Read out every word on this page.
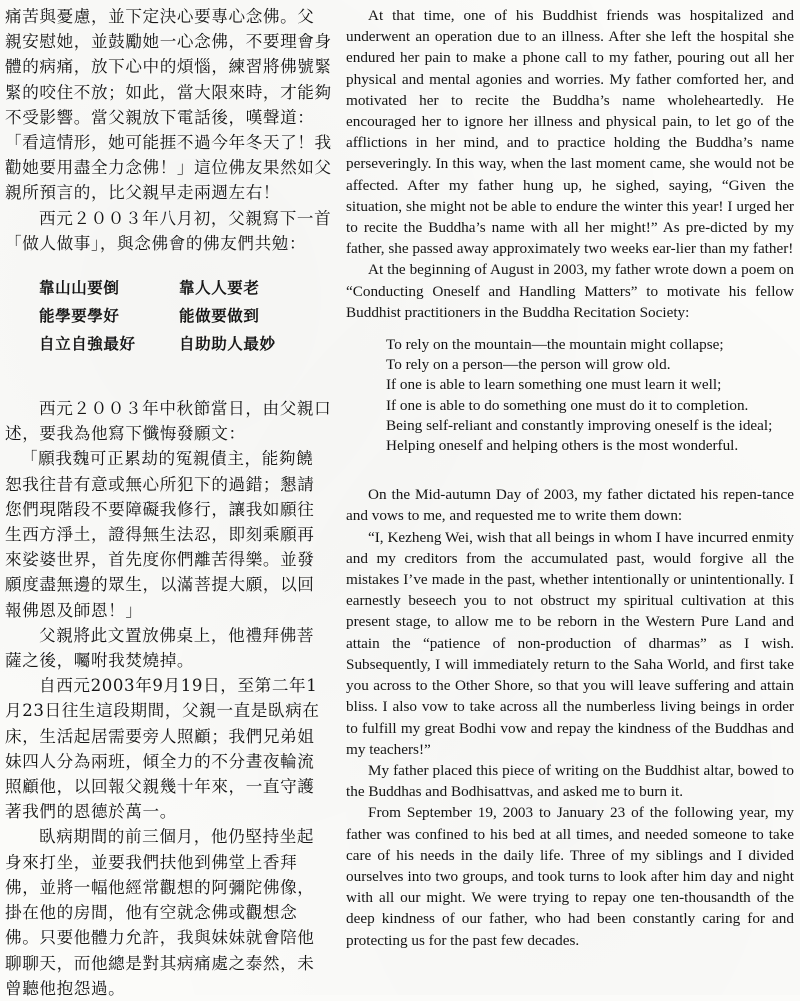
痛苦與憂慮，並下定決心要專心念佛。父
親安慰她，並鼓勵她一心念佛，不要理會身
體的病痛，放下心中的煩惱，練習將佛號緊
緊的咬住不放；如此，當大限來時，才能夠
不受影響。當父親放下電話後，嘆聲道：
「看這情形，她可能捱不過今年冬天了！我
勸她要用盡全力念佛！」這位佛友果然如父
親所預言的，比父親早走兩週左右！
西元２００３年八月初，父親寫下一首
「做人做事」，與念佛會的佛友們共勉：
靠山山要倒	靠人人要老
能學要學好	能做要做到
自立自強最好	自助助人最妙
西元２００３年中秋節當日，由父親口
述，要我為他寫下懺悔發願文：
「願我魏可正累劫的冤親債主，能夠饒
恕我往昔有意或無心所犯下的過錯；懇請
您們現階段不要障礙我修行，讓我如願往
生西方淨土，證得無生法忍，即刻乘願再
來娑婆世界，首先度你們離苦得樂。並發
願度盡無邊的眾生，以滿菩提大願，以回
報佛恩及師恩！」
父親將此文置放佛桌上，他禮拜佛菩
薩之後，囑咐我焚燒掉。
自西元2003年9月19日，至第二年1
月23日往生這段期間，父親一直是臥病在
床，生活起居需要旁人照顧；我們兄弟姐
妹四人分為兩班，傾全力的不分晝夜輪流
照顧他，以回報父親幾十年來，一直守護
著我們的恩德於萬一。
臥病期間的前三個月，他仍堅持坐起
身來打坐，並要我們扶他到佛堂上香拜
佛，並將一幅他經常觀想的阿彌陀佛像，
掛在他的房間，他有空就念佛或觀想念
佛。只要他體力允許，我與妹妹就會陪他
聊聊天，而他總是對其病痛處之泰然，未
曾聽他抱怨過。

At that time, one of his Buddhist friends was hospitalized and underwent an operation due to an illness. After she left the hospital she endured her pain to make a phone call to my father, pouring out all her physical and mental agonies and worries. My father comforted her, and motivated her to recite the Buddha’s name wholeheartedly. He encouraged her to ignore her illness and physical pain, to let go of the afflictions in her mind, and to practice holding the Buddha’s name perseveringly. In this way, when the last moment came, she would not be affected. After my father hung up, he sighed, saying, “Given the situation, she might not be able to endure the winter this year! I urged her to recite the Buddha’s name with all her might!” As pre-dicted by my father, she passed away approximately two weeks ear-lier than my father!

At the beginning of August in 2003, my father wrote down a poem on “Conducting Oneself and Handling Matters” to motivate his fellow Buddhist practitioners in the Buddha Recitation Society:

To rely on the mountain—the mountain might collapse;
To rely on a person—the person will grow old.
If one is able to learn something one must learn it well;
If one is able to do something one must do it to completion.
Being self-reliant and constantly improving oneself is the ideal;
Helping oneself and helping others is the most wonderful.

On the Mid-autumn Day of 2003, my father dictated his repen-tance and vows to me, and requested me to write them down:

“I, Kezheng Wei, wish that all beings in whom I have incurred enmity and my creditors from the accumulated past, would forgive all the mistakes I’ve made in the past, whether intentionally or unintentionally. I earnestly beseech you to not obstruct my spiritual cultivation at this present stage, to allow me to be reborn in the Western Pure Land and attain the “patience of non-production of dharmas” as I wish. Subsequently, I will immediately return to the Saha World, and first take you across to the Other Shore, so that you will leave suffering and attain bliss. I also vow to take across all the numberless living beings in order to fulfill my great Bodhi vow and repay the kindness of the Buddhas and my teachers!”

My father placed this piece of writing on the Buddhist altar, bowed to the Buddhas and Bodhisattvas, and asked me to burn it.

From September 19, 2003 to January 23 of the following year, my father was confined to his bed at all times, and needed someone to take care of his needs in the daily life. Three of my siblings and I divided ourselves into two groups, and took turns to look after him day and night with all our might. We were trying to repay one ten-thousandth of the deep kindness of our father, who had been constantly caring for and protecting us for the past few decades.
